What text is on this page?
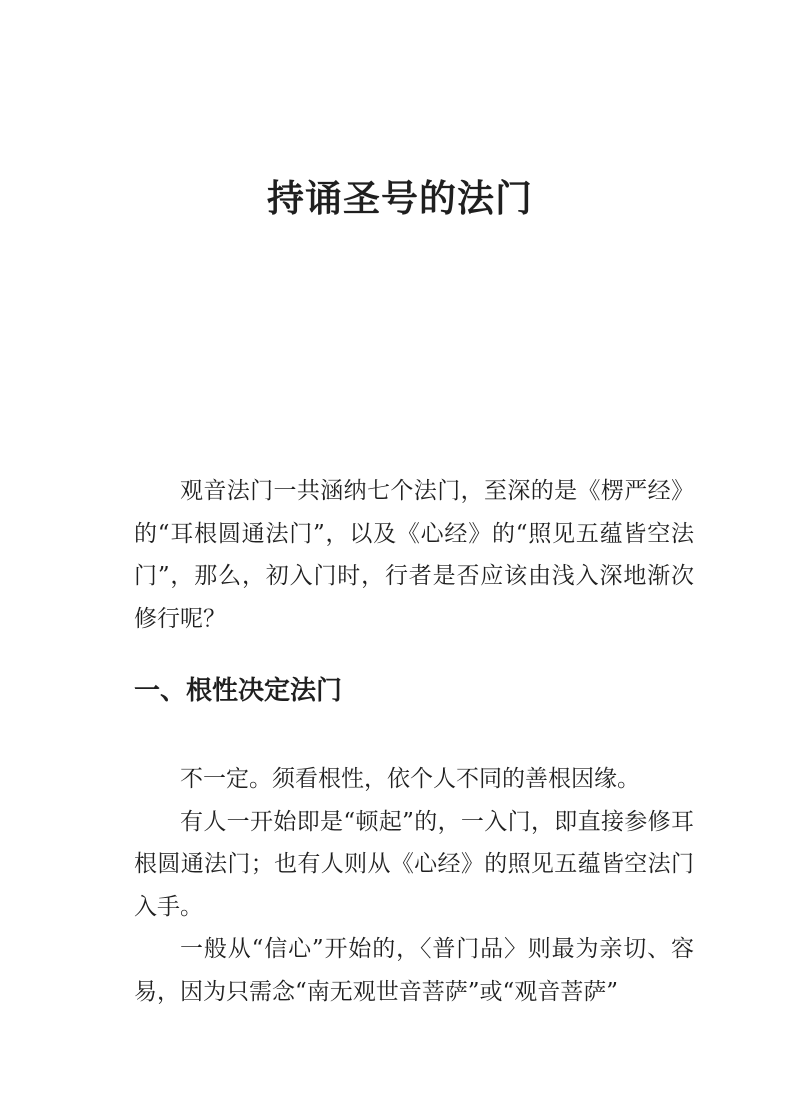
持诵圣号的法门

观音法门一共涵纳七个法门，至深的是《楞严经》的“耳根圆通法门”，以及《心经》的“照见五蕴皆空法门”，那么，初入门时，行者是否应该由浅入深地渐次修行呢？

一、根性决定法门

不一定。须看根性，依个人不同的善根因缘。

有人一开始即是“顿起”的，一入门，即直接参修耳根圆通法门；也有人则从《心经》的照见五蕴皆空法门入手。

一般从“信心”开始的，〈普门品〉则最为亲切、容易，因为只需念“南无观世音菩萨”或“观音菩萨”
